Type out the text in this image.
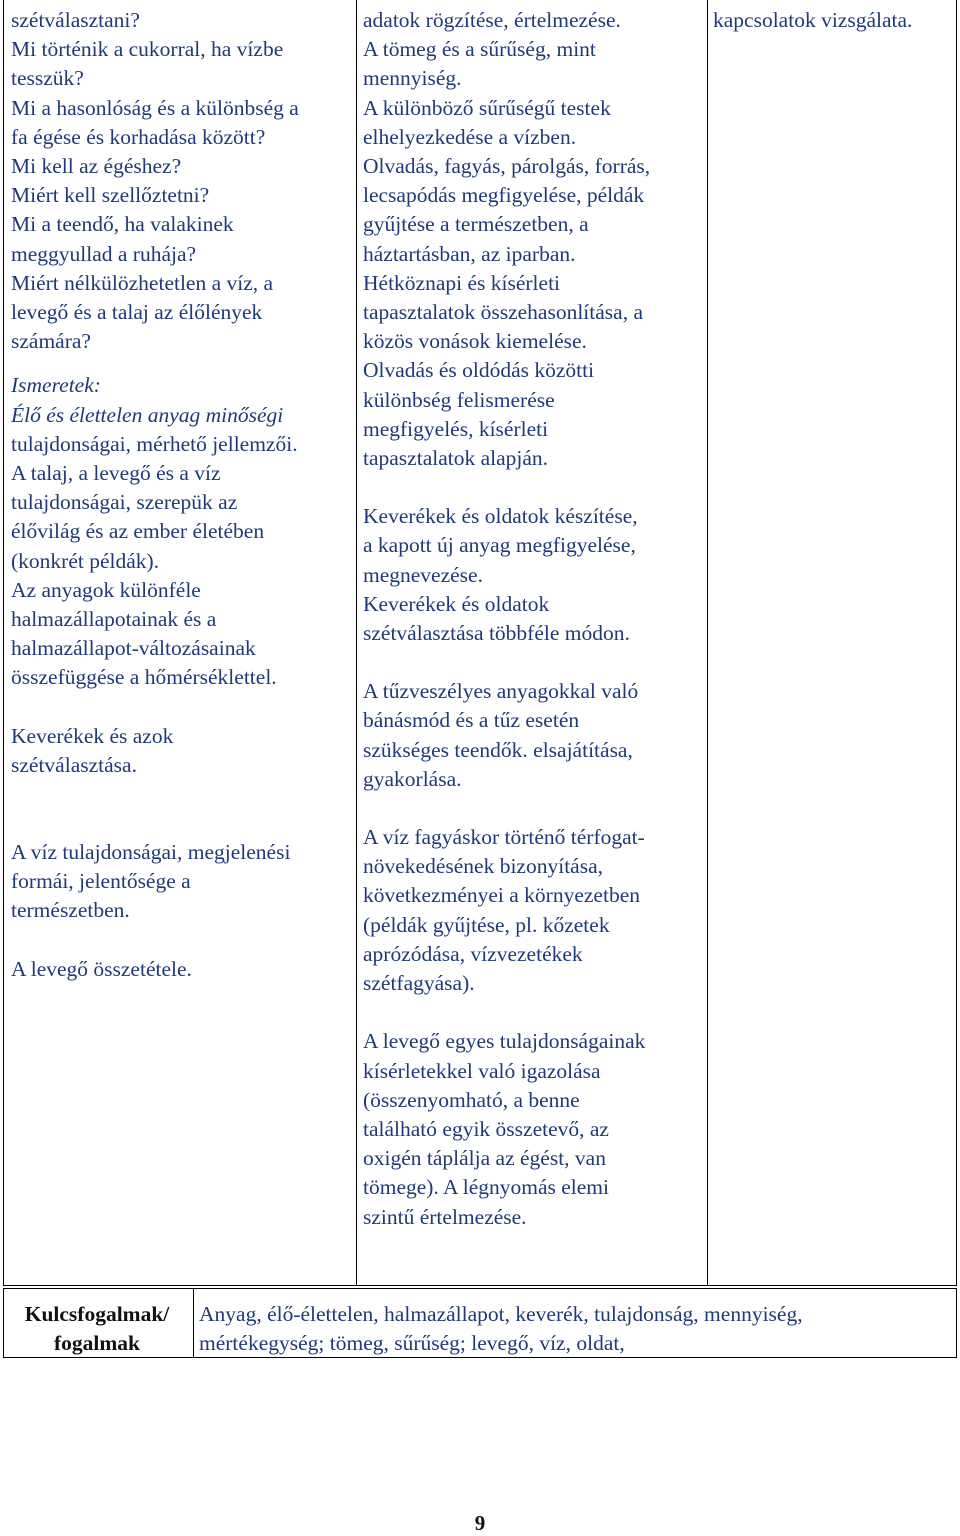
szétválasztani?

Mi történik a cukorral, ha vízbe

tesszük?

Mi a hasonlóság és a különbség a

fa égése és korhadása között?

Mi kell az égéshez?

Miért kell szellőztetni?

Mi a teendő, ha valakinek

meggyullad a ruhája?

Miért nélkülözhetetlen a víz, a

levegő és a talaj az élőlények

számára?

Ismeretek:

Élő és élettelen anyag minőségi

tulajdonságai, mérhető jellemzői.

A talaj, a levegő és a víz

tulajdonságai, szerepük az

élővilág és az ember életében

(konkrét példák).

Az anyagok különféle

halmazállapotainak és a

halmazállapot-változásainak

összefüggése a hőmérséklettel.

Keverékek és azok

szétválasztása.

A víz tulajdonságai, megjelenési

formái, jelentősége a

természetben.

A levegő összetétele.

adatok rögzítése, értelmezése.

A tömeg és a sűrűség, mint

mennyiség.

A különböző sűrűségű testek

elhelyezkedése a vízben.

Olvadás, fagyás, párolgás, forrás,

lecsapódás megfigyelése, példák

gyűjtése a természetben, a

háztartásban, az iparban.

Hétköznapi és kísérleti

tapasztalatok összehasonlítása, a

közös vonások kiemelése.

Olvadás és oldódás közötti

különbség felismerése

megfigyelés, kísérleti

tapasztalatok alapján.

Keverékek és oldatok készítése,

a kapott új anyag megfigyelése,

megnevezése.

Keverékek és oldatok

szétválasztása többféle módon.

A tűzveszélyes anyagokkal való

bánásmód és a tűz esetén

szükséges teendők. elsajátítása,

gyakorlása.

A víz fagyáskor történő térfogat-

növekedésének bizonyítása,

következményei a környezetben

(példák gyűjtése, pl. kőzetek

aprózódása, vízvezetékek

szétfagyása).

A levegő egyes tulajdonságainak

kísérletekkel való igazolása

(összenyomható, a benne

található egyik összetevő, az

oxigén táplálja az égést, van

tömege). A légnyomás elemi

szintű értelmezése.

kapcsolatok vizsgálata.

Kulcsfogalmak/
fogalmak
Anyag, élő-élettelen, halmazállapot, keverék, tulajdonság, mennyiség,
mértékegység; tömeg, sűrűség; levegő, víz, oldat,
9
